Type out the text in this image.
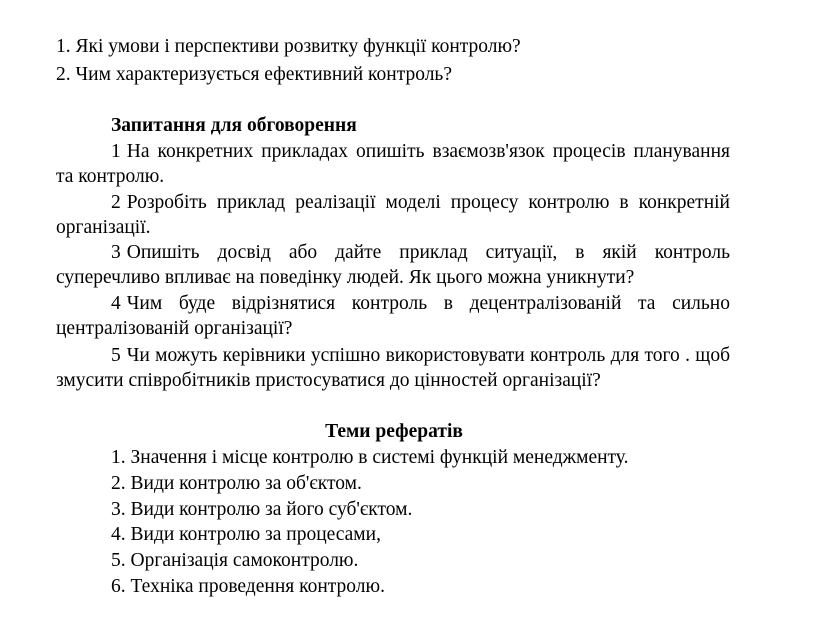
1. Які умови і перспективи розвитку функції контролю?
2. Чим характеризується ефективний контроль?
Запитання для обговорення
1 На конкретних прикладах опишіть взаємозв'язок процесів планування та контролю.
2 Розробіть приклад реалізації моделі процесу контролю в конкретній організації.
3 Опишіть досвід або дайте приклад ситуації, в якій контроль суперечливо впливає на поведінку людей. Як цього можна уникнути?
4 Чим буде відрізнятися контроль в децентралізованій та сильно централізованій організації?
5 Чи можуть керівники успішно використовувати контроль для того . щоб змусити співробітників пристосуватися до цінностей організації?
Теми рефератів
1. Значення і місце контролю в системі функцій менеджменту.
2. Види контролю за об'єктом.
3. Види контролю за його суб'єктом.
4. Види контролю за процесами,
5. Організація самоконтролю.
6. Техніка проведення контролю.
